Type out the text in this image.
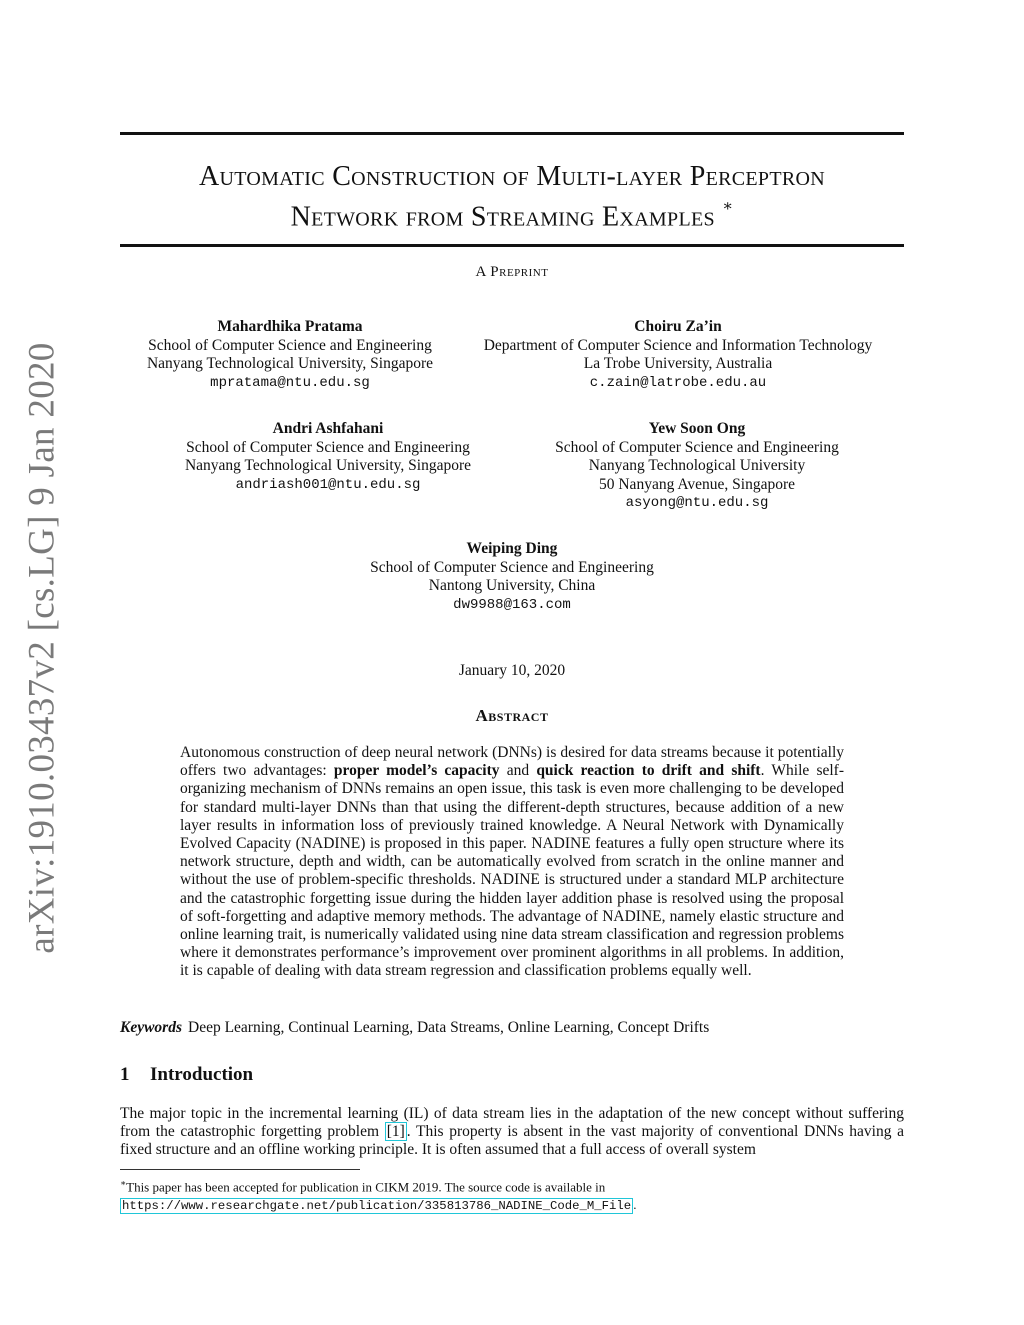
arXiv:1910.03437v2 [cs.LG] 9 Jan 2020
Automatic Construction of Multi-layer Perceptron
Network from Streaming Examples ∗
A Preprint
Mahardhika Pratama
School of Computer Science and Engineering
Nanyang Technological University, Singapore
mpratama@ntu.edu.sg
Choiru Za’in
Department of Computer Science and Information Technology
La Trobe University, Australia
c.zain@latrobe.edu.au
Andri Ashfahani
School of Computer Science and Engineering
Nanyang Technological University, Singapore
andriash001@ntu.edu.sg
Yew Soon Ong
School of Computer Science and Engineering
Nanyang Technological University
50 Nanyang Avenue, Singapore
asyong@ntu.edu.sg
Weiping Ding
School of Computer Science and Engineering
Nantong University, China
dw9988@163.com
January 10, 2020
Abstract
Autonomous construction of deep neural network (DNNs) is desired for data streams because it potentially offers two advantages: proper model’s capacity and quick reaction to drift and shift. While self-organizing mechanism of DNNs remains an open issue, this task is even more challenging to be developed for standard multi-layer DNNs than that using the different-depth structures, because addition of a new layer results in information loss of previously trained knowledge. A Neural Network with Dynamically Evolved Capacity (NADINE) is proposed in this paper. NADINE features a fully open structure where its network structure, depth and width, can be automatically evolved from scratch in the online manner and without the use of problem-specific thresholds. NADINE is structured under a standard MLP architecture and the catastrophic forgetting issue during the hidden layer addition phase is resolved using the proposal of soft-forgetting and adaptive memory methods. The advantage of NADINE, namely elastic structure and online learning trait, is numerically validated using nine data stream classification and regression problems where it demonstrates performance’s improvement over prominent algorithms in all problems. In addition, it is capable of dealing with data stream regression and classification problems equally well.
Keywords Deep Learning, Continual Learning, Data Streams, Online Learning, Concept Drifts
1 Introduction
The major topic in the incremental learning (IL) of data stream lies in the adaptation of the new concept without suffering from the catastrophic forgetting problem [1] . This property is absent in the vast majority of conventional DNNs having a fixed structure and an offline working principle. It is often assumed that a full access of overall system
∗This paper has been accepted for publication in CIKM 2019. The source code is available in https://www.researchgate.net/publication/335813786_NADINE_Code_M_File .
